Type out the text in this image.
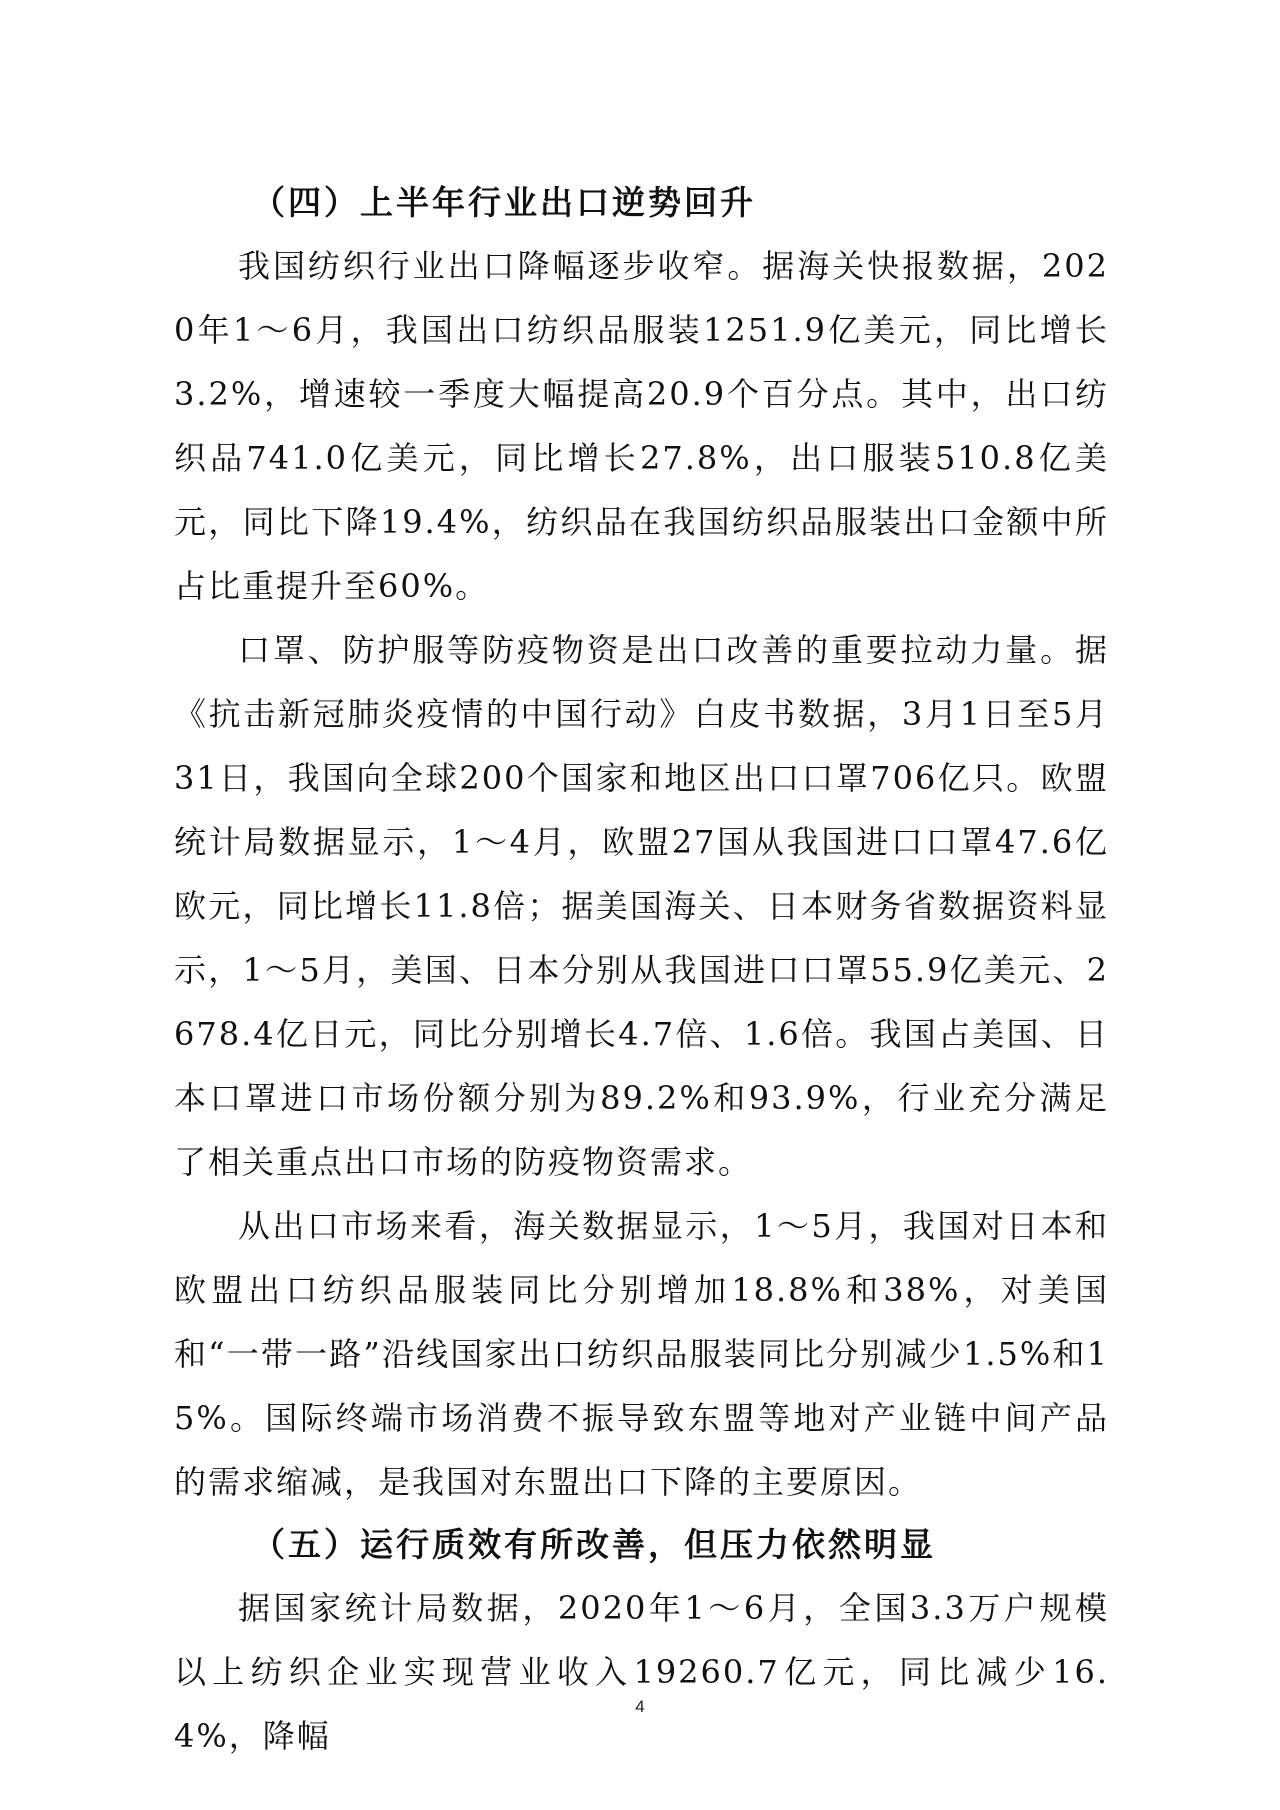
（四）上半年行业出口逆势回升

我国纺织行业出口降幅逐步收窄。据海关快报数据，2020年1～6月，我国出口纺织品服装1251.9亿美元，同比增长3.2%，增速较一季度大幅提高20.9个百分点。其中，出口纺织品741.0亿美元，同比增长27.8%，出口服装510.8亿美元，同比下降19.4%，纺织品在我国纺织品服装出口金额中所占比重提升至60%。

口罩、防护服等防疫物资是出口改善的重要拉动力量。据《抗击新冠肺炎疫情的中国行动》白皮书数据，3月1日至5月31日，我国向全球200个国家和地区出口口罩706亿只。欧盟统计局数据显示，1～4月，欧盟27国从我国进口口罩47.6亿欧元，同比增长11.8倍；据美国海关、日本财务省数据资料显示，1～5月，美国、日本分别从我国进口口罩55.9亿美元、2678.4亿日元，同比分别增长4.7倍、1.6倍。我国占美国、日本口罩进口市场份额分别为89.2%和93.9%，行业充分满足了相关重点出口市场的防疫物资需求。

从出口市场来看，海关数据显示，1～5月，我国对日本和欧盟出口纺织品服装同比分别增加18.8%和38%，对美国和“一带一路”沿线国家出口纺织品服装同比分别减少1.5%和15%。国际终端市场消费不振导致东盟等地对产业链中间产品的需求缩减，是我国对东盟出口下降的主要原因。

（五）运行质效有所改善，但压力依然明显

据国家统计局数据，2020年1～6月，全国3.3万户规模以上纺织企业实现营业收入19260.7亿元，同比减少16.4%，降幅

4
